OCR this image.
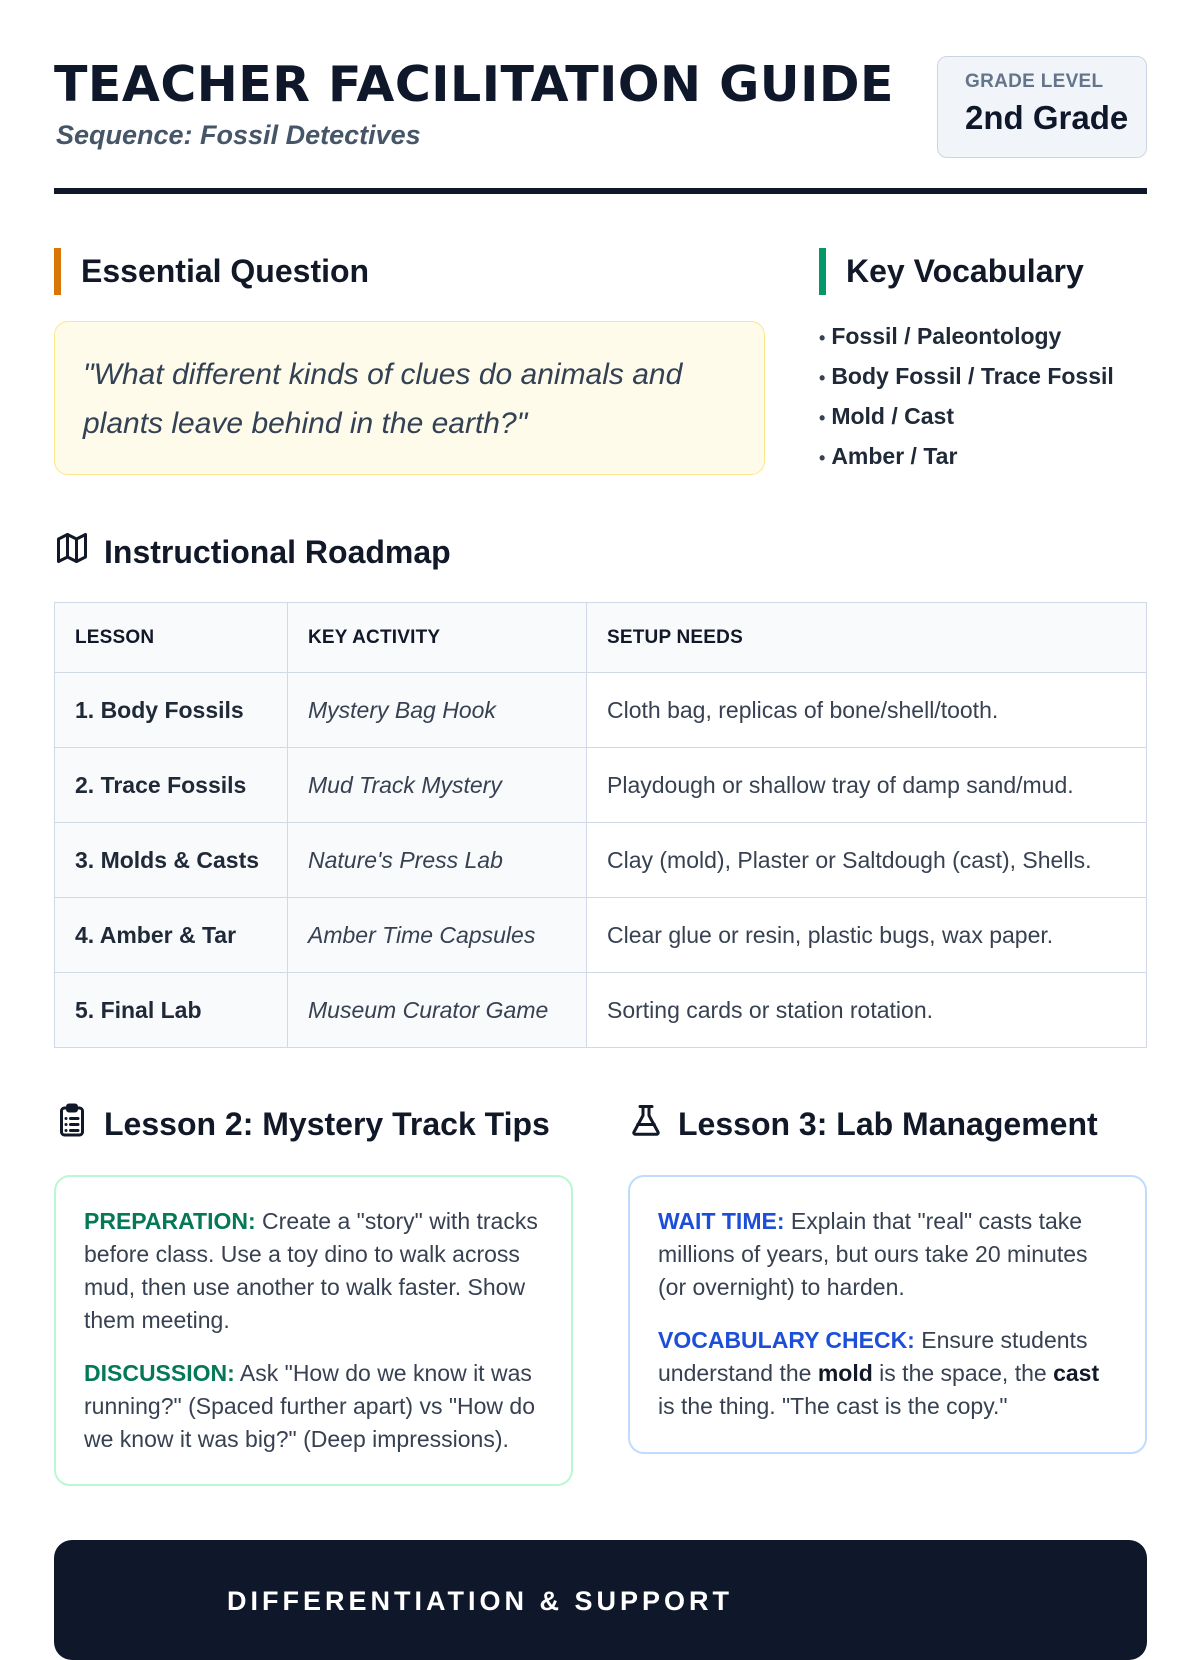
TEACHER FACILITATION GUIDE
Sequence: Fossil Detectives
GRADE LEVEL
2nd Grade
Essential Question
"What different kinds of clues do animals and plants leave behind in the earth?"
Key Vocabulary
• Fossil / Paleontology
• Body Fossil / Trace Fossil
• Mold / Cast
• Amber / Tar
Instructional Roadmap
LESSON	KEY ACTIVITY	SETUP NEEDS
1. Body Fossils	Mystery Bag Hook	Cloth bag, replicas of bone/shell/tooth.
2. Trace Fossils	Mud Track Mystery	Playdough or shallow tray of damp sand/mud.
3. Molds & Casts	Nature's Press Lab	Clay (mold), Plaster or Saltdough (cast), Shells.
4. Amber & Tar	Amber Time Capsules	Clear glue or resin, plastic bugs, wax paper.
5. Final Lab	Museum Curator Game	Sorting cards or station rotation.
Lesson 2: Mystery Track Tips

PREPARATION: Create a "story" with tracks before class. Use a toy dino to walk across mud, then use another to walk faster. Show them meeting.

DISCUSSION: Ask "How do we know it was running?" (Spaced further apart) vs "How do we know it was big?" (Deep impressions).

Lesson 3: Lab Management

WAIT TIME: Explain that "real" casts take millions of years, but ours take 20 minutes (or overnight) to harden.

VOCABULARY CHECK: Ensure students understand the mold is the space, the cast is the thing. "The cast is the copy."

DIFFERENTIATION & SUPPORT
